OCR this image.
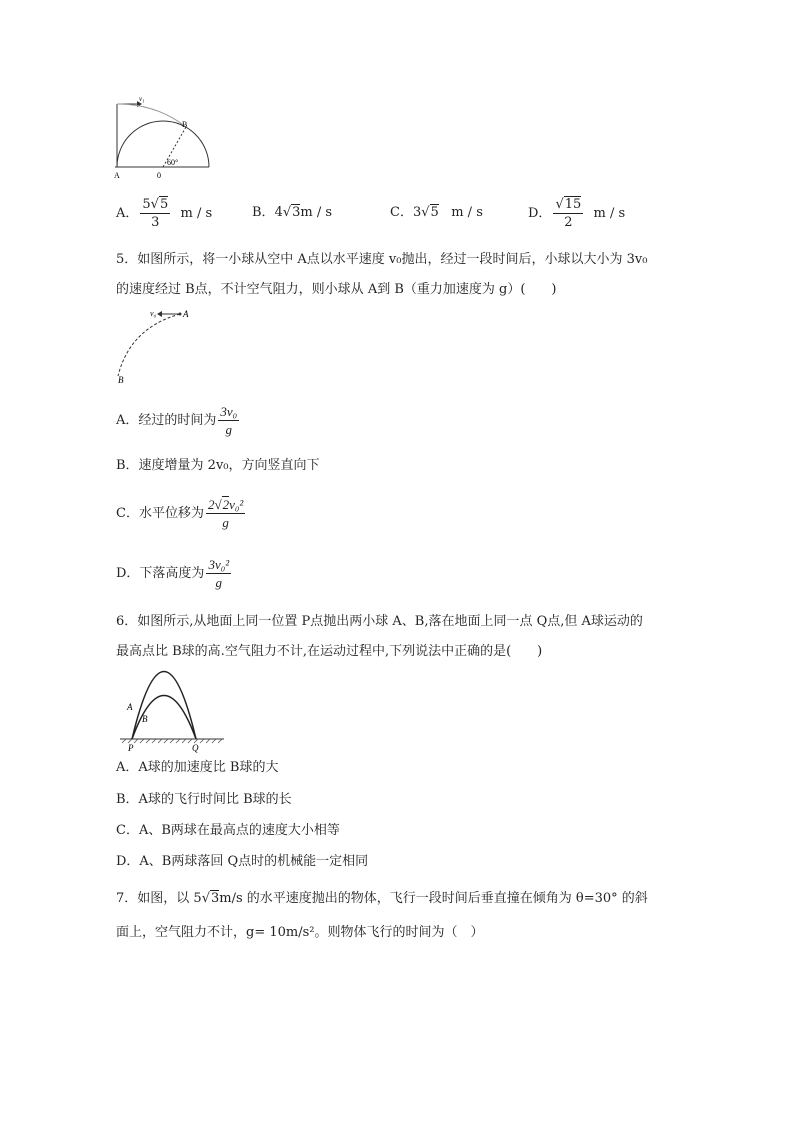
v₁
B
A	0
60°
A． $\frac{5√5}{3}$ m / s	B．4√3m / s	C．3√5 m / s	D． $\frac{√15}{2}$ m / s
5．如图所示，将一小球从空中 A点以水平速度 v₀抛出，经过一段时间后，小球以大小为 3v₀
的速度经过 B点，不计空气阻力，则小球从 A到 B（重力加速度为 g）(　　)
v₀	A
B
A．经过的时间为 $\frac{\text{3v₀}}{g}$
B．速度增量为 2v₀，方向竖直向下
C．水平位移为 $\frac{\text{2√2v₀²}}{g}$
D．下落高度为 $\frac{\text{3v₀²}}{g}$
6．如图所示,从地面上同一位置 P点抛出两小球 A、B,落在地面上同一点 Q点,但 A球运动的
最高点比 B球的高.空气阻力不计,在运动过程中,下列说法中正确的是(　　)
A
B
P	Q
A．A球的加速度比 B球的大
B．A球的飞行时间比 B球的长
C．A、B两球在最高点的速度大小相等
D．A、B两球落回 Q点时的机械能一定相同
7．如图，以 5√3m/s 的水平速度抛出的物体，飞行一段时间后垂直撞在倾角为 θ=30° 的斜
面上，空气阻力不计，g= 10m/s²。则物体飞行的时间为（　）
